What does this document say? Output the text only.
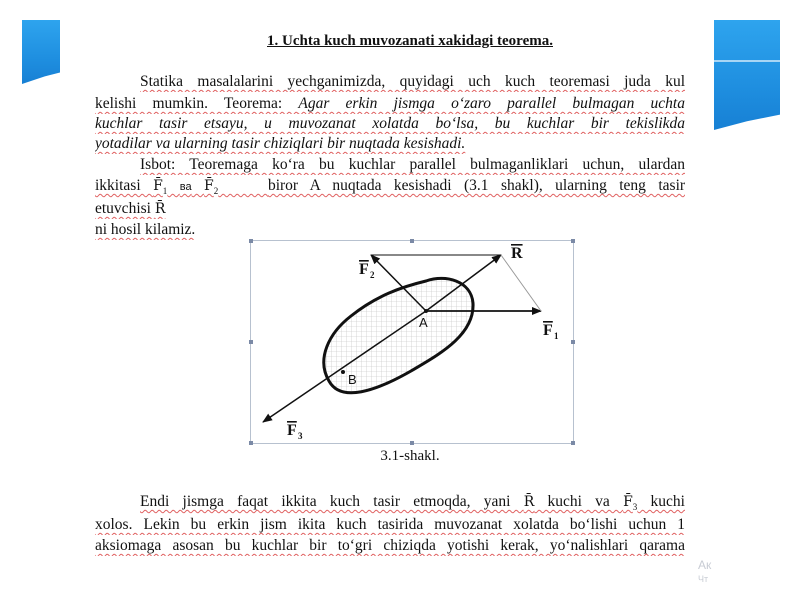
1. Uchta kuch muvozanati xakidagi teorema.
Statika masalalarini yechganimizda, quyidagi uch kuch teoremasi juda kul
kelishi mumkin. Teorema: Agar erkin jismga o‘zaro parallel bulmagan uchta
kuchlar tasir etsayu, u muvozanat xolatda bo‘lsa, bu kuchlar bir tekislikda
yotadilar va ularning tasir chiziqlari bir nuqtada kesishadi.
Isbot: Teoremaga ko‘ra bu kuchlar parallel bulmaganliklari uchun, ulardan
ikkitasi $F̄_1$ ва $F̄_2$	biror A nuqtada kesishadi (3.1 shakl), ularning teng tasir
etuvchisi R̄
ni hosil kilamiz.
A
B
F 2
R
F 1
F 3
3.1-shakl.
Endi jismga faqat ikkita kuch tasir etmoqda, yani R̄ kuchi va $F̄_3$ kuchi
xolos. Lekin bu erkin jism ikita kuch tasirida muvozanat xolatda bo‘lishi uchun 1
aksiomaga asosan bu kuchlar bir to‘gri chiziqda yotishi kerak, yo‘nalishlari qarama
Ак
Чт
